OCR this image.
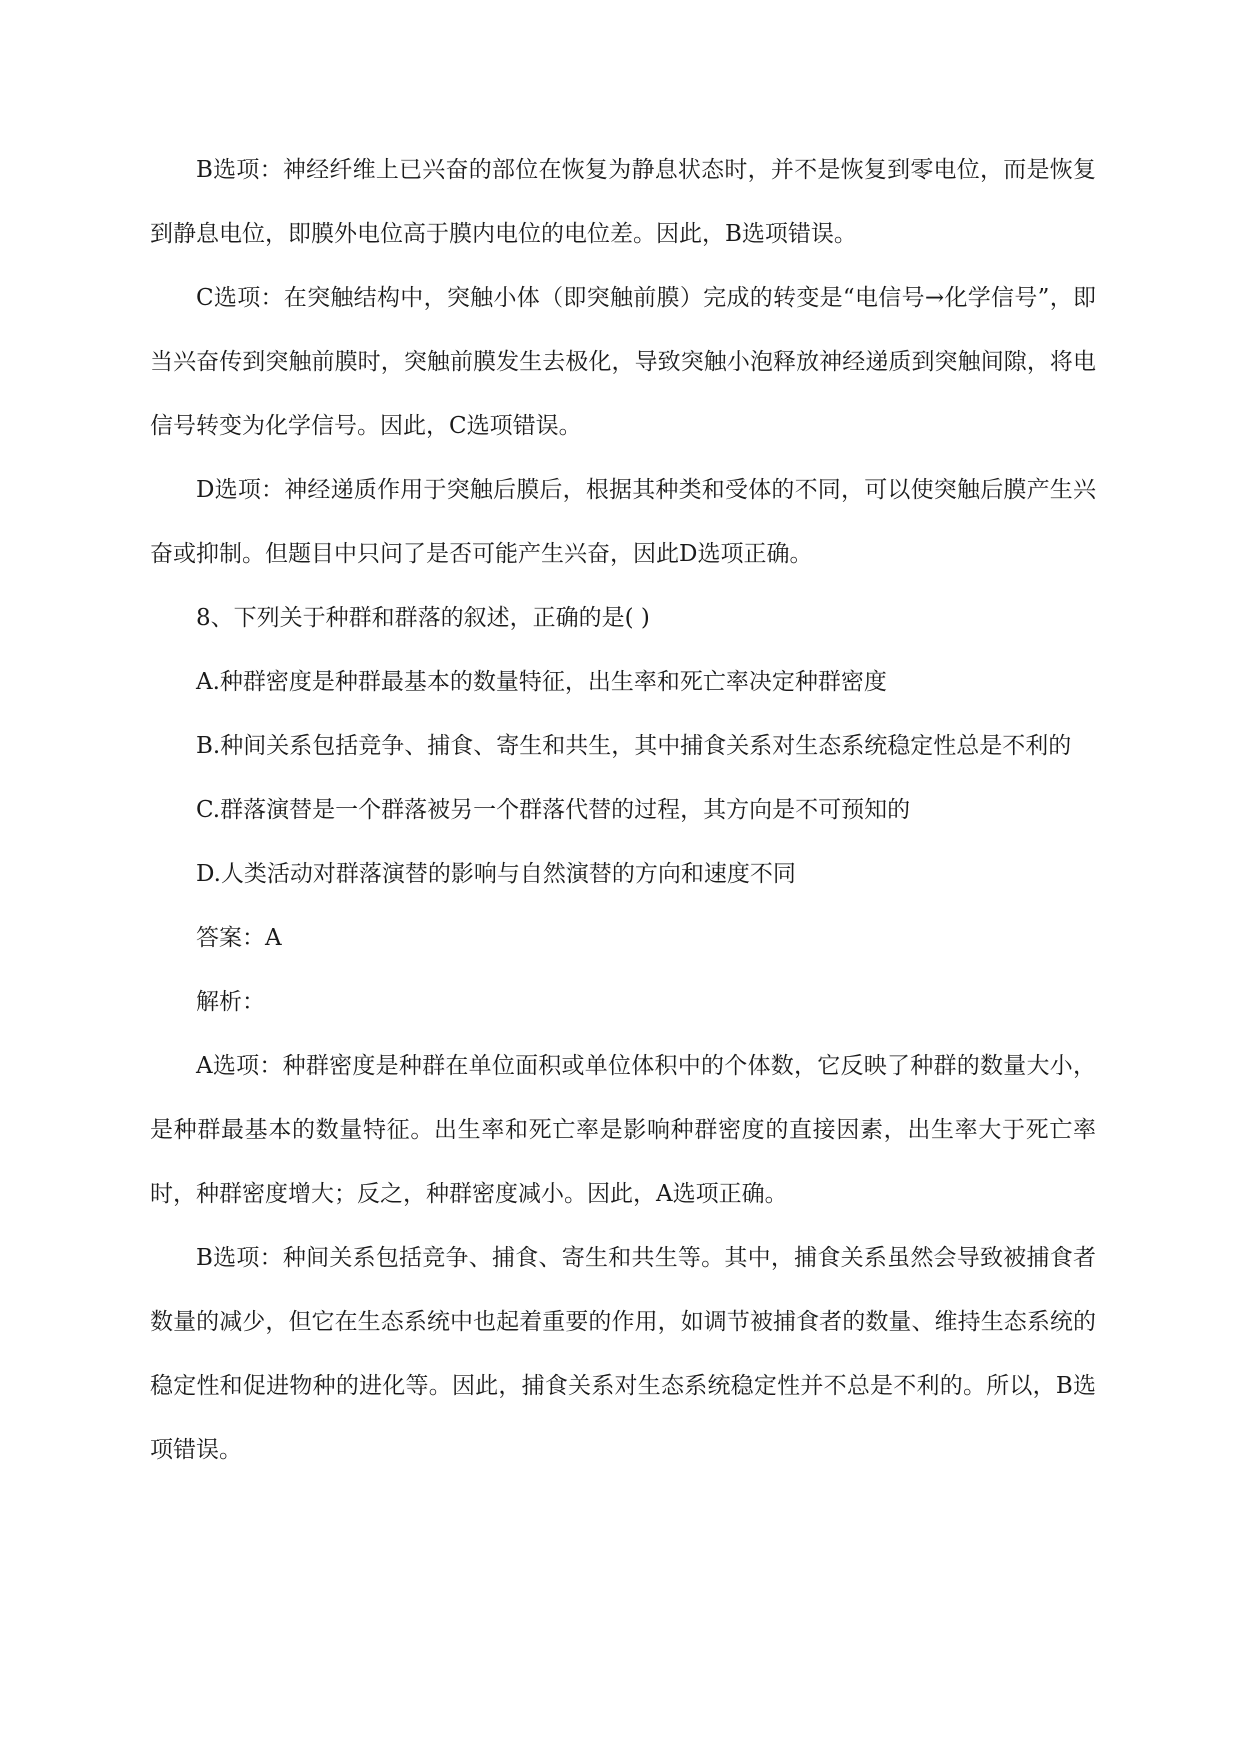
B选项：神经纤维上已兴奋的部位在恢复为静息状态时，并不是恢复到零电位，而是恢复到静息电位，即膜外电位高于膜内电位的电位差。因此，B选项错误。

C选项：在突触结构中，突触小体（即突触前膜）完成的转变是“电信号→化学信号”，即当兴奋传到突触前膜时，突触前膜发生去极化，导致突触小泡释放神经递质到突触间隙，将电信号转变为化学信号。因此，C选项错误。

D选项：神经递质作用于突触后膜后，根据其种类和受体的不同，可以使突触后膜产生兴奋或抑制。但题目中只问了是否可能产生兴奋，因此D选项正确。

8、下列关于种群和群落的叙述，正确的是( )

A.种群密度是种群最基本的数量特征，出生率和死亡率决定种群密度

B.种间关系包括竞争、捕食、寄生和共生，其中捕食关系对生态系统稳定性总是不利的

C.群落演替是一个群落被另一个群落代替的过程，其方向是不可预知的

D.人类活动对群落演替的影响与自然演替的方向和速度不同

答案：A

解析：

A选项：种群密度是种群在单位面积或单位体积中的个体数，它反映了种群的数量大小，是种群最基本的数量特征。出生率和死亡率是影响种群密度的直接因素，出生率大于死亡率时，种群密度增大；反之，种群密度减小。因此，A选项正确。

B选项：种间关系包括竞争、捕食、寄生和共生等。其中，捕食关系虽然会导致被捕食者数量的减少，但它在生态系统中也起着重要的作用，如调节被捕食者的数量、维持生态系统的稳定性和促进物种的进化等。因此，捕食关系对生态系统稳定性并不总是不利的。所以，B选项错误。
